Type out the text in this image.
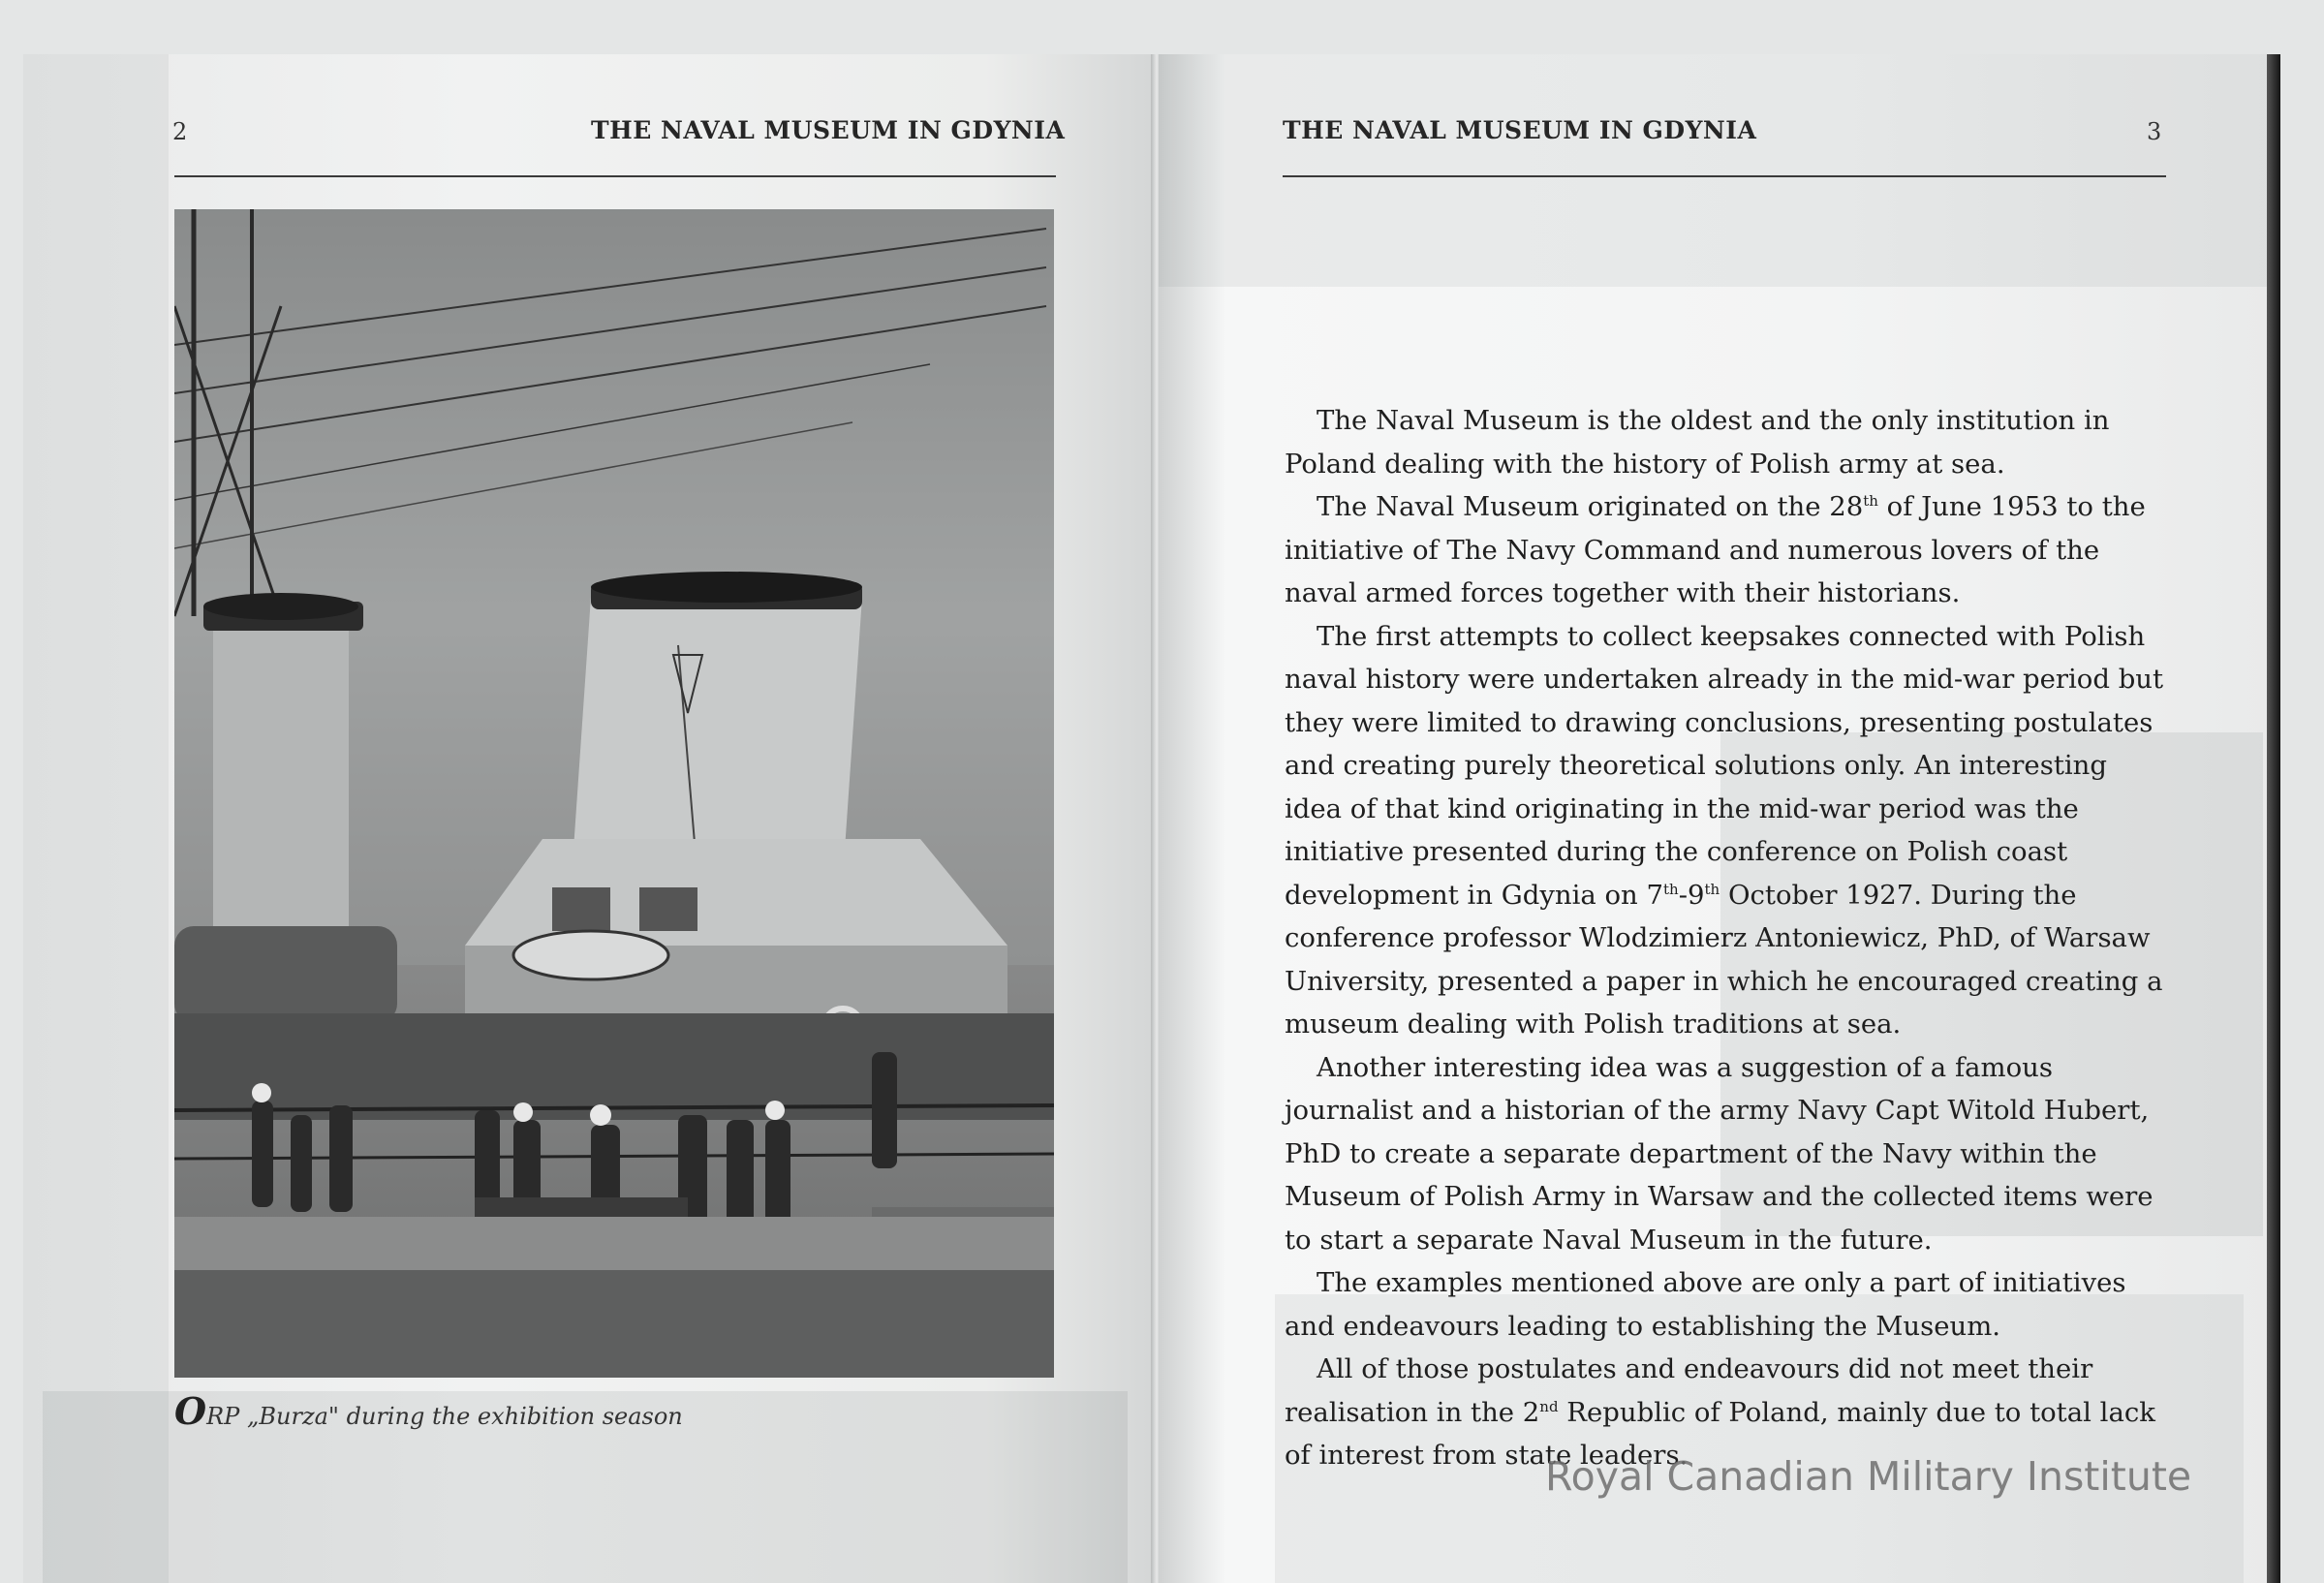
2	THE NAVAL MUSEUM IN GDYNIA
ORP „Burza" during the exhibition season
THE NAVAL MUSEUM IN GDYNIA	3

The Naval Museum is the oldest and the only institution in Poland dealing with the history of Polish army at sea.

The Naval Museum originated on the 28th of June 1953 to the initiative of The Navy Command and numerous lovers of the naval armed forces together with their historians.

The first attempts to collect keepsakes connected with Polish naval history were undertaken already in the mid-war period but they were limited to drawing conclusions, presenting postulates and creating purely theoretical solutions only. An interesting idea of that kind originating in the mid-war period was the initiative presented during the conference on Polish coast development in Gdynia on 7th-9th October 1927. During the conference professor Wlodzimierz Antoniewicz, PhD, of Warsaw University, presented a paper in which he encouraged creating a museum dealing with Polish traditions at sea.

Another interesting idea was a suggestion of a famous journalist and a historian of the army Navy Capt Witold Hubert, PhD to create a separate department of the Navy within the Museum of Polish Army in Warsaw and the collected items were to start a separate Naval Museum in the future.

The examples mentioned above are only a part of initiatives and endeavours leading to establishing the Museum.

All of those postulates and endeavours did not meet their realisation in the 2nd Republic of Poland, mainly due to total lack of interest from state leaders.

Royal Canadian Military Institute
